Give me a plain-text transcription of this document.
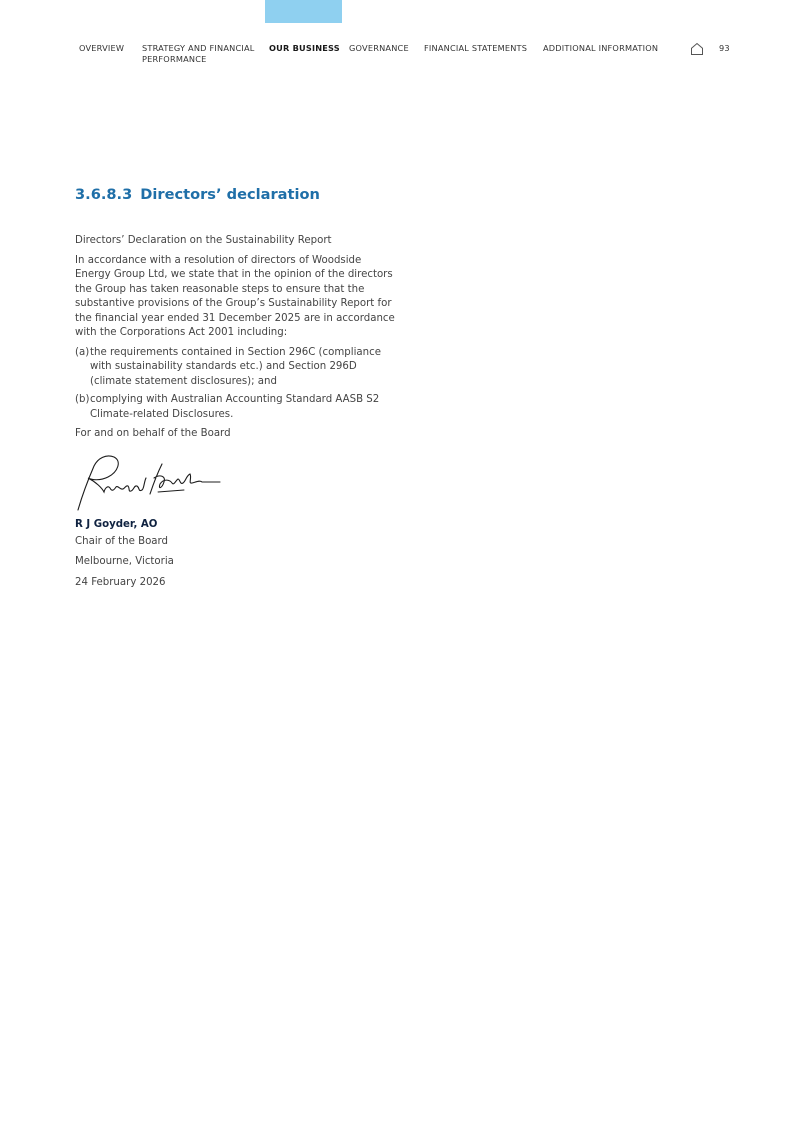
OVERVIEW STRATEGY AND FINANCIAL PERFORMANCE
OUR BUSINESS GOVERNANCE FINANCIAL STATEMENTS ADDITIONAL INFORMATION	93
3.6.8.3 Directors’ declaration

Directors’ Declaration on the Sustainability Report

In accordance with a resolution of directors of Woodside Energy Group Ltd, we state that in the opinion of the directors the Group has taken reasonable steps to ensure that the substantive provisions of the Group’s Sustainability Report for the financial year ended 31 December 2025 are in accordance with the Corporations Act 2001 including:

(a)the requirements contained in Section 296C (compliance with sustainability standards etc.) and Section 296D (climate statement disclosures); and
(b)complying with Australian Accounting Standard AASB S2 Climate-related Disclosures.

For and on behalf of the Board

R J Goyder, AO

Chair of the Board

Melbourne, Victoria

24 February 2026
